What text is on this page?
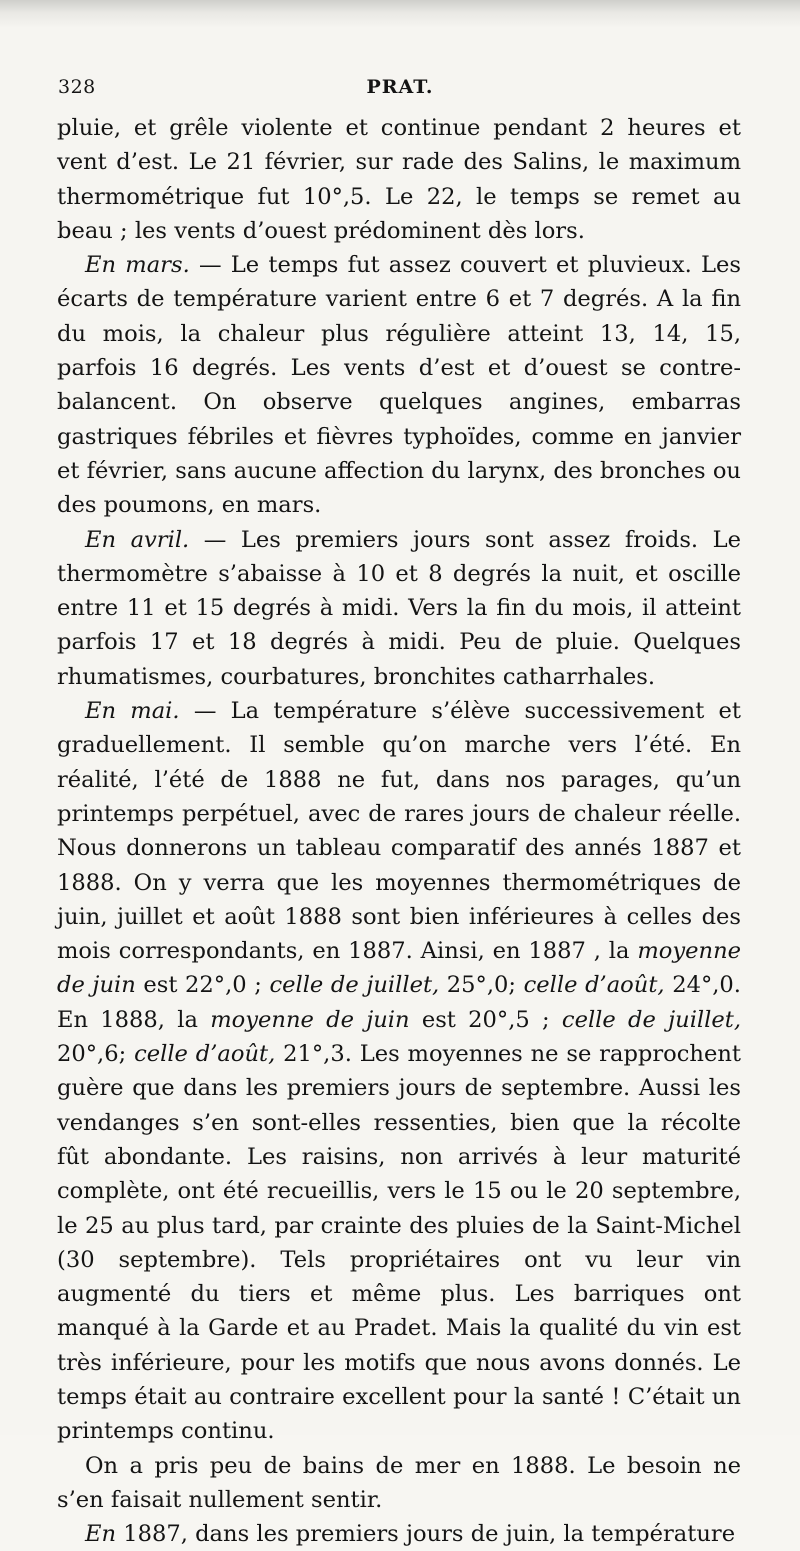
328	PRAT.

pluie, et grêle violente et continue pendant 2 heures et vent d’est. Le 21 février, sur rade des Salins, le maximum thermométrique fut 10°,5. Le 22, le temps se remet au beau ; les vents d’ouest prédominent dès lors.

En mars. — Le temps fut assez couvert et pluvieux. Les écarts de température varient entre 6 et 7 degrés. A la fin du mois, la chaleur plus régulière atteint 13, 14, 15, parfois 16 degrés. Les vents d’est et d’ouest se contre-balancent. On observe quelques angines, embarras gastriques fébriles et fièvres typhoïdes, comme en janvier et février, sans aucune affection du larynx, des bronches ou des poumons, en mars.

En avril. — Les premiers jours sont assez froids. Le thermomètre s’abaisse à 10 et 8 degrés la nuit, et oscille entre 11 et 15 degrés à midi. Vers la fin du mois, il atteint parfois 17 et 18 degrés à midi. Peu de pluie. Quelques rhumatismes, courbatures, bronchites catharrhales.

En mai. — La température s’élève successivement et graduellement. Il semble qu’on marche vers l’été. En réalité, l’été de 1888 ne fut, dans nos parages, qu’un printemps perpétuel, avec de rares jours de chaleur réelle. Nous donnerons un tableau comparatif des annés 1887 et 1888. On y verra que les moyennes thermométriques de juin, juillet et août 1888 sont bien inférieures à celles des mois correspondants, en 1887. Ainsi, en 1887 , la moyenne de juin est 22°,0 ; celle de juillet, 25°,0; celle d’août, 24°,0. En 1888, la moyenne de juin est 20°,5 ; celle de juillet, 20°,6; celle d’août, 21°,3. Les moyennes ne se rapprochent guère que dans les premiers jours de septembre. Aussi les vendanges s’en sont-elles ressenties, bien que la récolte fût abondante. Les raisins, non arrivés à leur maturité complète, ont été recueillis, vers le 15 ou le 20 septembre, le 25 au plus tard, par crainte des pluies de la Saint-Michel (30 septembre). Tels propriétaires ont vu leur vin augmenté du tiers et même plus. Les barriques ont manqué à la Garde et au Pradet. Mais la qualité du vin est très inférieure, pour les motifs que nous avons donnés. Le temps était au contraire excellent pour la santé ! C’était un printemps continu.

On a pris peu de bains de mer en 1888. Le besoin ne s’en faisait nullement sentir.

En 1887, dans les premiers jours de juin, la température
